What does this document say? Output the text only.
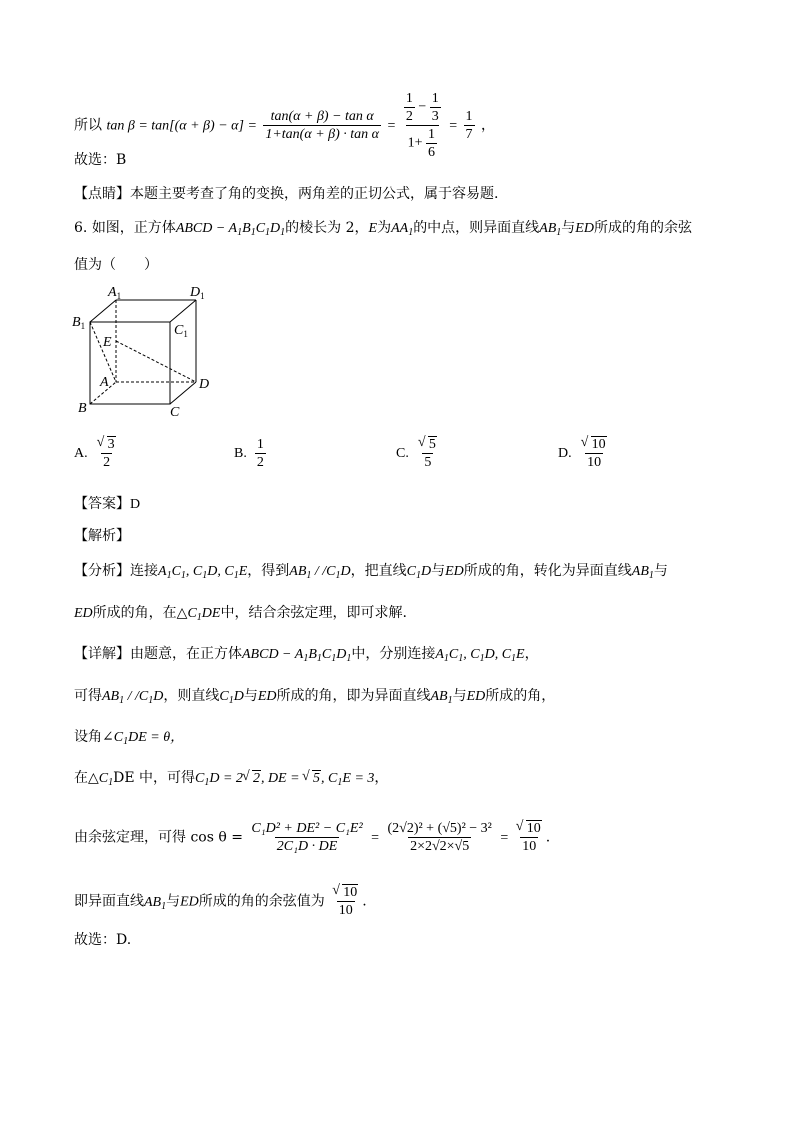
所以 $\tan \beta = \tan[(\alpha + \beta) - \alpha] = \frac{\text{tan(α + β) − tan α}}{\text{1+tan(α + β) · tan α}} = \frac{\frac{1}{2} - \frac{1}{3}}{1+ \frac{1}{6}} = \frac{1}{7}$ ，
故选：B
【点睛】本题主要考查了角的变换，两角差的正切公式，属于容易题.
6. 如图，正方体ABCD − $A_1B_1C_1D_1$的棱长为 2，E为$AA_1$的中点，则异面直线$AB_1$与ED所成的角的余弦
值为（　　）
$A_1$	$D_1$
$B_1$	$C_1$
E
A	D
B	C
A.
√ $\frac{3}{2}$	B. $\frac{1}{2}$	C.
√ $\frac{5}{5}$	D.
√ $\frac{10}{10}$
【答案】D
【解析】
【分析】连接$A_1C_1$, $C_1D$, $C_1E$，得到$AB_1 / /C_1D$，把直线$C_1D$与ED所成的角，转化为异面直线$AB_1$与
ED所成的角，在$\triangle C_1DE$中，结合余弦定理，即可求解.
【详解】由题意，在正方体ABCD − $A_1B_1C_1D_1$中，分别连接$A_1C_1$, $C_1D$, $C_1E$，
可得$AB_1 / /C_1D$，则直线$C_1D$与ED所成的角，即为异面直线$AB_1$与ED所成的角，
设角$\angle C_1DE = \theta$，
在$\triangle C_1DE$ 中，可得$C_1D = 2√$ 2, DE = √ 5, $C_1E = 3$，
由余弦定理，可得 $\cos \theta = \frac{\text{C₁D² + DE² − C₁E²}}{\text{2C₁D · DE}} = \frac{\text{(2√2)² + (√5)² − 3²}}{2\times 2√2\times√5}$ =
√ $\frac{10}{10}$ .
即异面直线$AB_1$与ED所成的角的余弦值为
√ $\frac{10}{10}$ .
故选：D.
